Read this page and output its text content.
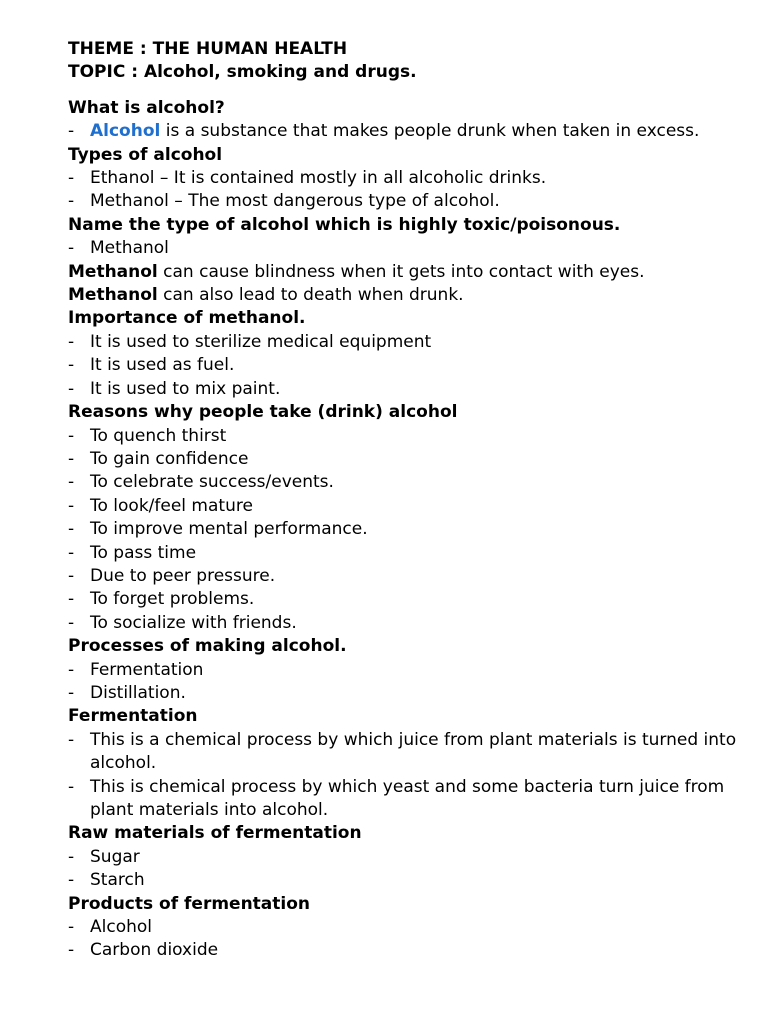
THEME : THE HUMAN HEALTH
TOPIC : Alcohol, smoking and drugs.
What is alcohol?
- Alcohol is a substance that makes people drunk when taken in excess.
Types of alcohol
- Ethanol – It is contained mostly in all alcoholic drinks.
- Methanol – The most dangerous type of alcohol.
Name the type of alcohol which is highly toxic/poisonous.
- Methanol
Methanol can cause blindness when it gets into contact with eyes.
Methanol can also lead to death when drunk.
Importance of methanol.
- It is used to sterilize medical equipment
- It is used as fuel.
- It is used to mix paint.
Reasons why people take (drink) alcohol
- To quench thirst
- To gain confidence
- To celebrate success/events.
- To look/feel mature
- To improve mental performance.
- To pass time
- Due to peer pressure.
- To forget problems.
- To socialize with friends.
Processes of making alcohol.
- Fermentation
- Distillation.
Fermentation
- This is a chemical process by which juice from plant materials is turned into alcohol.
- This is chemical process by which yeast and some bacteria turn juice from plant materials into alcohol.
Raw materials of fermentation
- Sugar
- Starch
Products of fermentation
- Alcohol
- Carbon dioxide
